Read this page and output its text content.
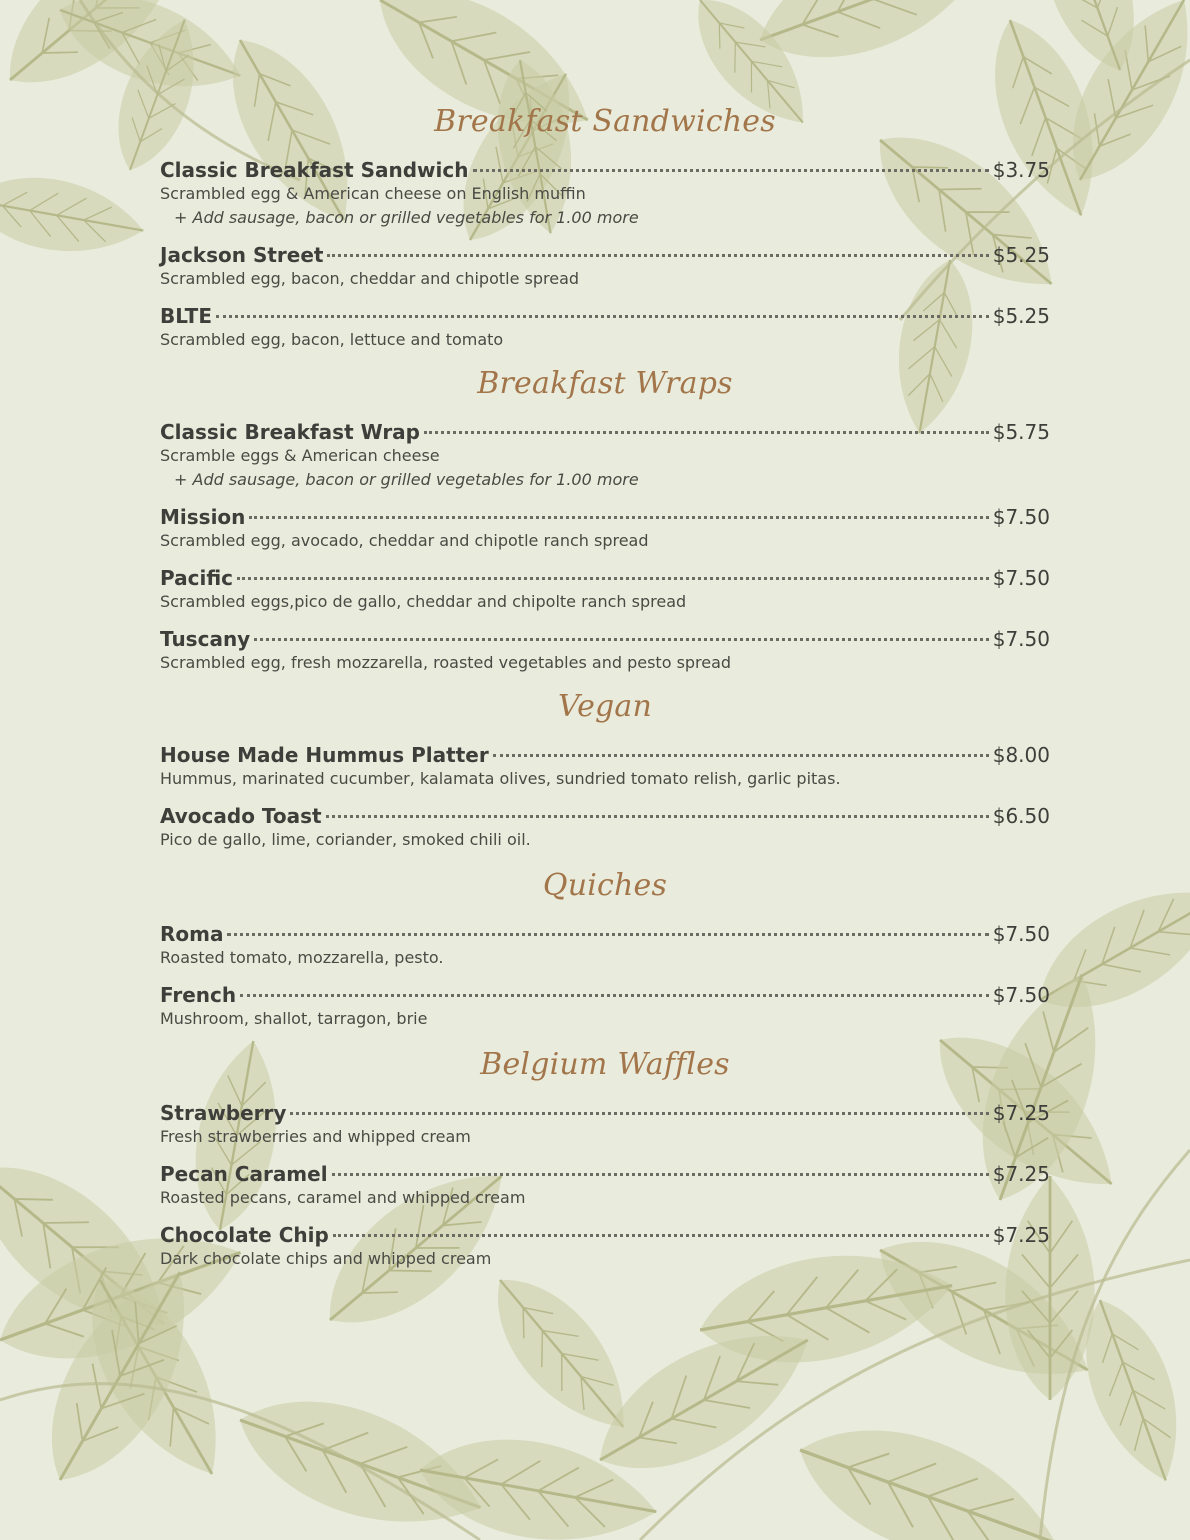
Breakfast Sandwiches
Classic Breakfast Sandwich	$3.75
Scrambled egg & American cheese on English muffin
+ Add sausage, bacon or grilled vegetables for 1.00 more
Jackson Street	$5.25
Scrambled egg, bacon, cheddar and chipotle spread
BLTE	$5.25
Scrambled egg, bacon, lettuce and tomato
Breakfast Wraps
Classic Breakfast Wrap	$5.75
Scramble eggs & American cheese
+ Add sausage, bacon or grilled vegetables for 1.00 more
Mission	$7.50
Scrambled egg, avocado, cheddar and chipotle ranch spread
Pacific	$7.50
Scrambled eggs,pico de gallo, cheddar and chipolte ranch spread
Tuscany	$7.50
Scrambled egg, fresh mozzarella, roasted vegetables and pesto spread
Vegan
House Made Hummus Platter	$8.00
Hummus, marinated cucumber, kalamata olives, sundried tomato relish, garlic pitas.
Avocado Toast	$6.50
Pico de gallo, lime, coriander, smoked chili oil.
Quiches
Roma	$7.50
Roasted tomato, mozzarella, pesto.
French	$7.50
Mushroom, shallot, tarragon, brie
Belgium Waffles
Strawberry	$7.25
Fresh strawberries and whipped cream
Pecan Caramel	$7.25
Roasted pecans, caramel and whipped cream
Chocolate Chip	$7.25
Dark chocolate chips and whipped cream
